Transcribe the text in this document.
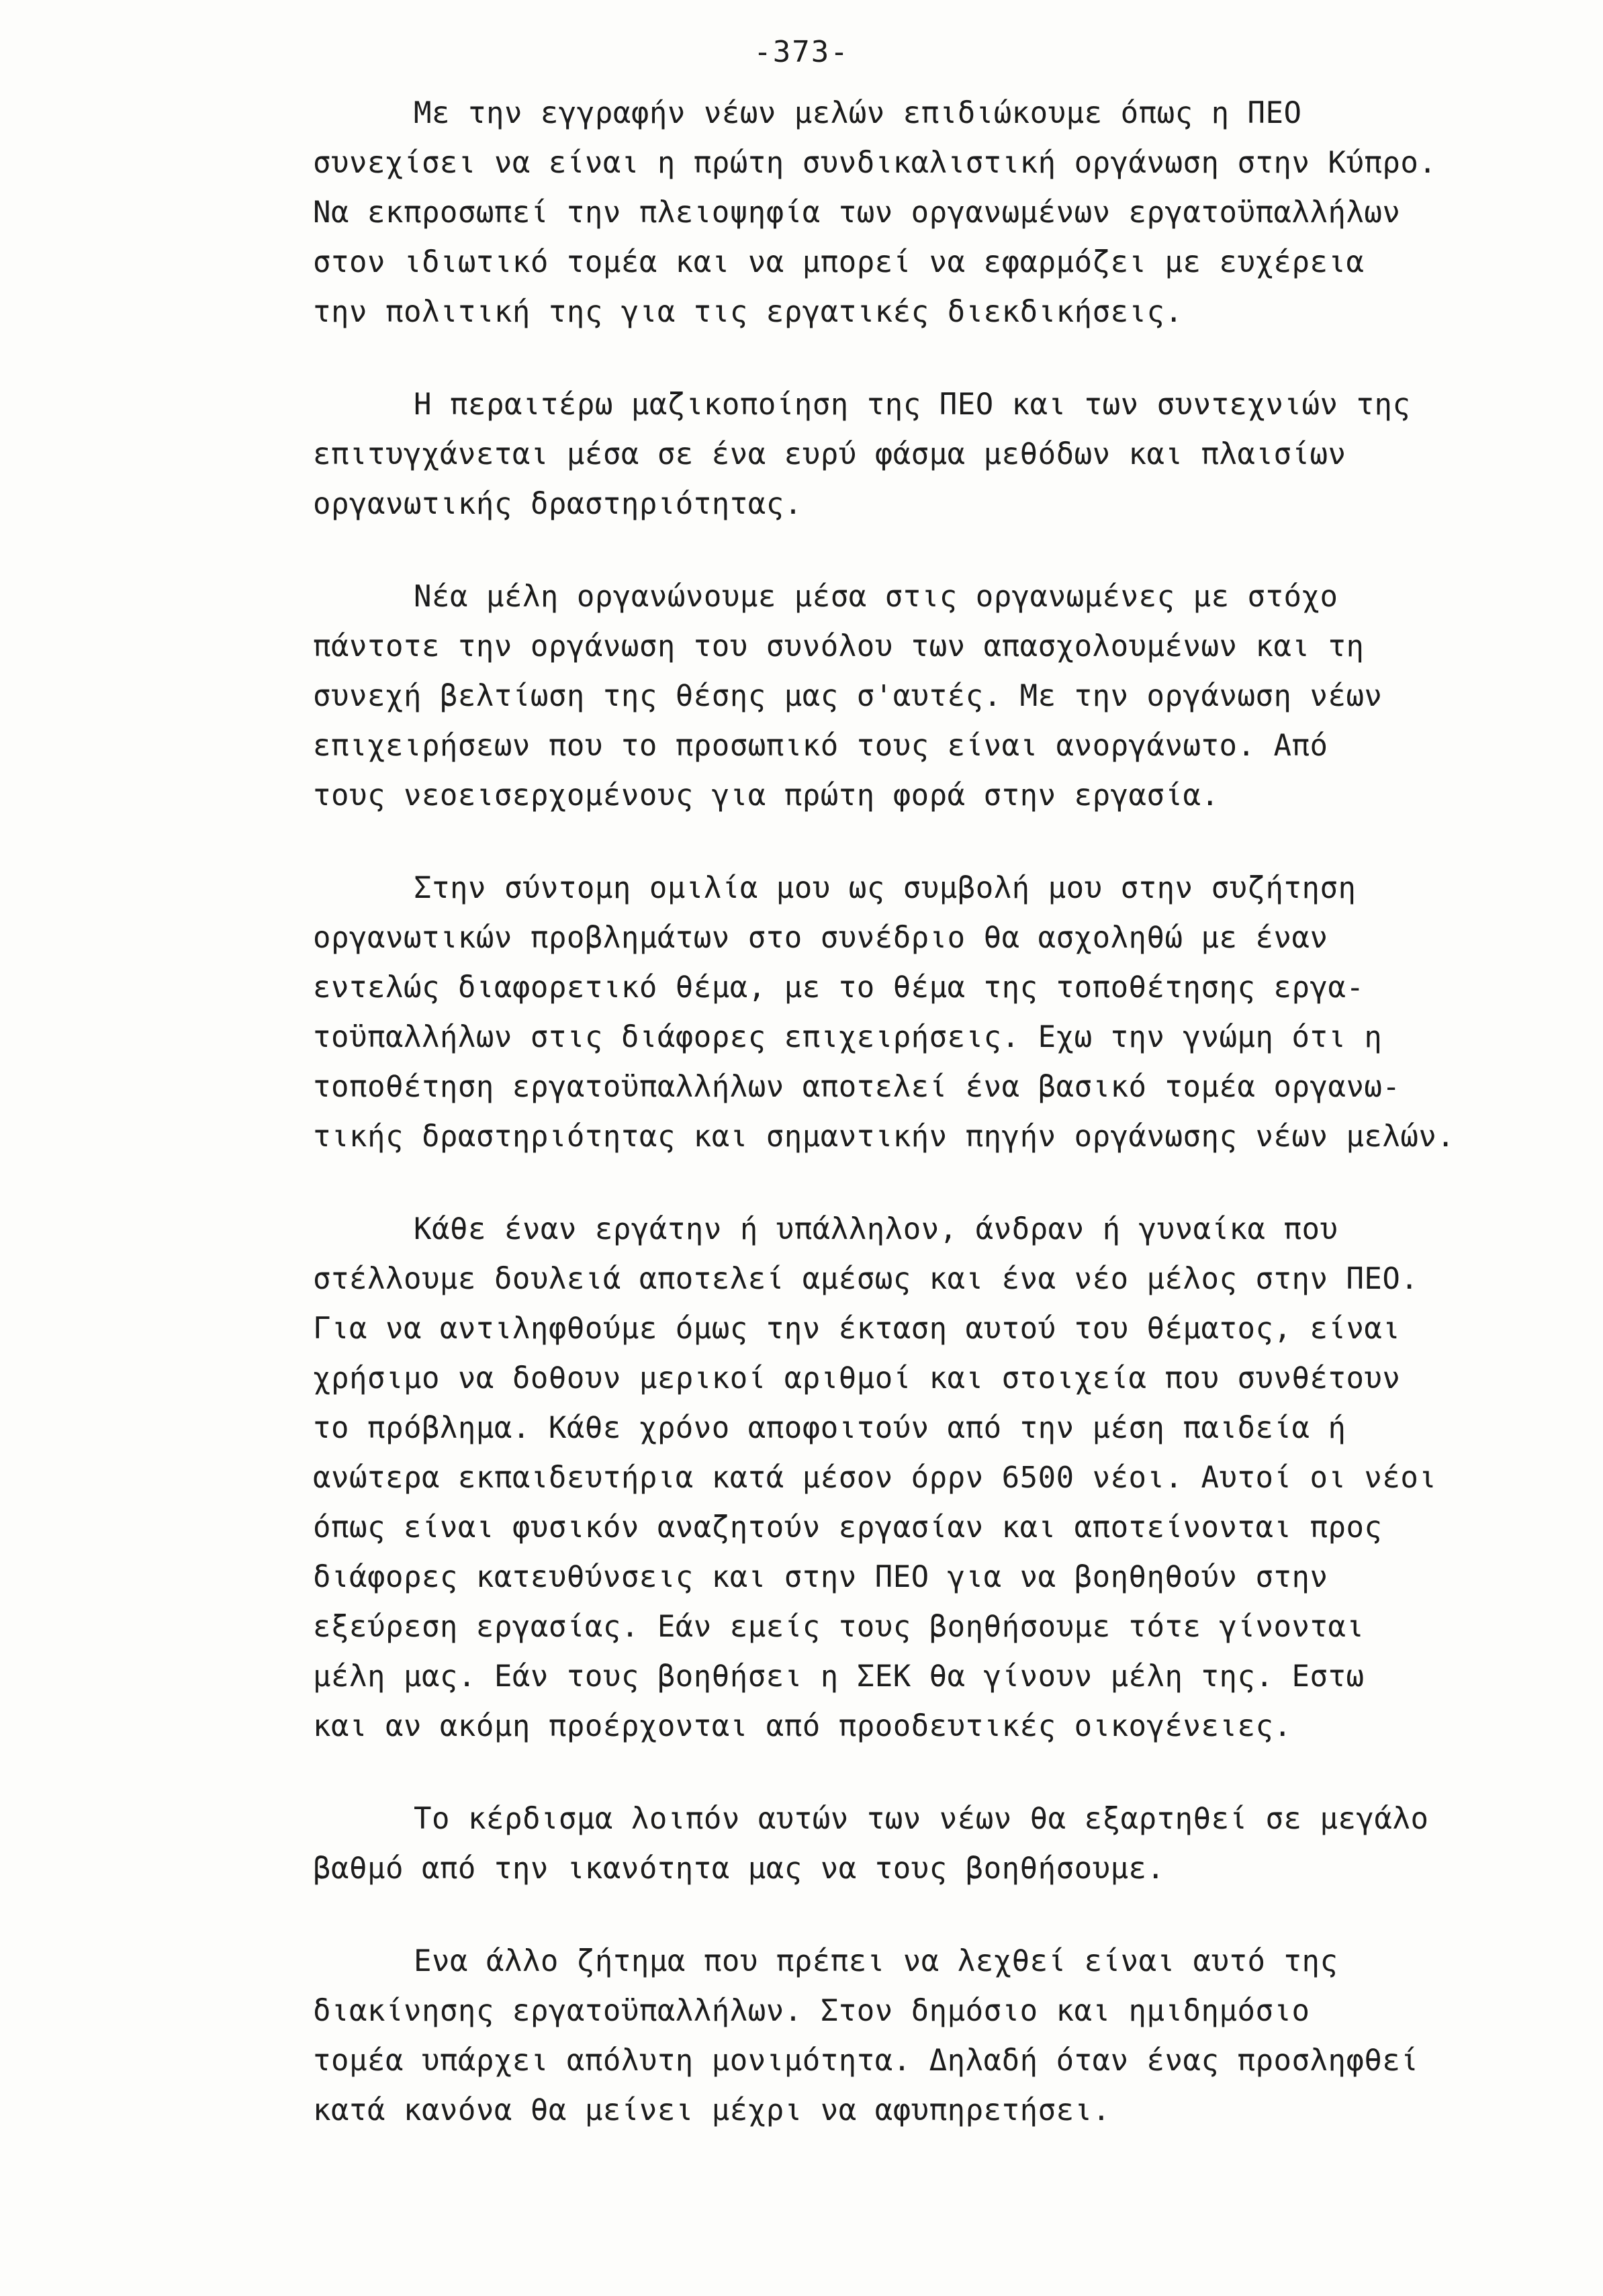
-373-
Με την εγγραφήν νέων μελών επιδιώκουμε όπως η ΠΕΟ
συνεχίσει να είναι η πρώτη συνδικαλιστική οργάνωση στην Κύπρο.
Να εκπροσωπεί την πλειοψηφία των οργανωμένων εργατοϋπαλλήλων
στον ιδιωτικό τομέα και να μπορεί να εφαρμόζει με ευχέρεια
την πολιτική της για τις εργατικές διεκδικήσεις.
Η περαιτέρω μαζικοποίηση της ΠΕΟ και των συντεχνιών της
επιτυγχάνεται μέσα σε ένα ευρύ φάσμα μεθόδων και πλαισίων
οργανωτικής δραστηριότητας.
Νέα μέλη οργανώνουμε μέσα στις οργανωμένες με στόχο
πάντοτε την οργάνωση του συνόλου των απασχολουμένων και τη
συνεχή βελτίωση της θέσης μας σ'αυτές. Με την οργάνωση νέων
επιχειρήσεων που το προσωπικό τους είναι ανοργάνωτο. Από
τους νεοεισερχομένους για πρώτη φορά στην εργασία.
Στην σύντομη ομιλία μου ως συμβολή μου στην συζήτηση
οργανωτικών προβλημάτων στο συνέδριο θα ασχοληθώ με έναν
εντελώς διαφορετικό θέμα, με το θέμα της τοποθέτησης εργα-
τοϋπαλλήλων στις διάφορες επιχειρήσεις. Εχω την γνώμη ότι η
τοποθέτηση εργατοϋπαλλήλων αποτελεί ένα βασικό τομέα οργανω-
τικής δραστηριότητας και σημαντικήν πηγήν οργάνωσης νέων μελών.
Κάθε έναν εργάτην ή υπάλληλον, άνδραν ή γυναίκα που
στέλλουμε δουλειά αποτελεί αμέσως και ένα νέο μέλος στην ΠΕΟ.
Για να αντιληφθούμε όμως την έκταση αυτού του θέματος, είναι
χρήσιμο να δοθουν μερικοί αριθμοί και στοιχεία που συνθέτουν
το πρόβλημα. Κάθε χρόνο αποφοιτούν από την μέση παιδεία ή
ανώτερα εκπαιδευτήρια κατά μέσον όρρν 6500 νέοι. Αυτοί οι νέοι
όπως είναι φυσικόν αναζητούν εργασίαν και αποτείνονται προς
διάφορες κατευθύνσεις και στην ΠΕΟ για να βοηθηθούν στην
εξεύρεση εργασίας. Εάν εμείς τους βοηθήσουμε τότε γίνονται
μέλη μας. Εάν τους βοηθήσει η ΣΕΚ θα γίνουν μέλη της. Εστω
και αν ακόμη προέρχονται από προοδευτικές οικογένειες.
Το κέρδισμα λοιπόν αυτών των νέων θα εξαρτηθεί σε μεγάλο
βαθμό από την ικανότητα μας να τους βοηθήσουμε.
Ενα άλλο ζήτημα που πρέπει να λεχθεί είναι αυτό της
διακίνησης εργατοϋπαλλήλων. Στον δημόσιο και ημιδημόσιο
τομέα υπάρχει απόλυτη μονιμότητα. Δηλαδή όταν ένας προσληφθεί
κατά κανόνα θα μείνει μέχρι να αφυπηρετήσει.
